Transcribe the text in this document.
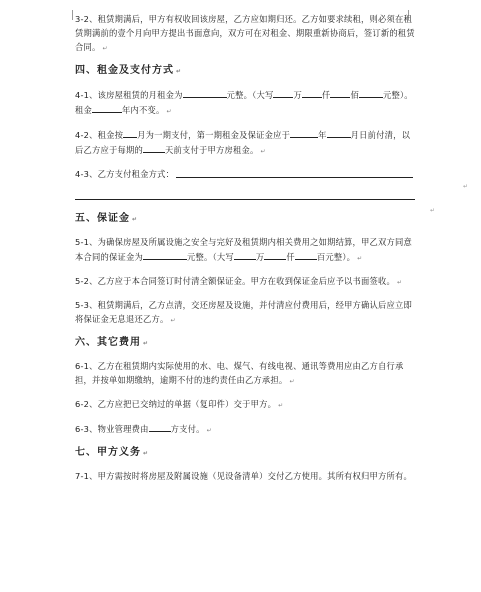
3-2、租赁期满后，甲方有权收回该房屋，乙方应如期归还。乙方如要求续租，则必须在租赁期满前的壹个月向甲方提出书面意向，双方可在对租金、期限重新协商后，签订新的租赁合同。 ↵

四、租金及支付方式 ↵

4-1、该房屋租赁的月租金为	元整。（大写 万 仟 佰	元整）。租金	年内不变。 ↵

4-2、租金按 月为一期支付，第一期租金及保证金应于	年	月日前付清，以后乙方应于每期的	天前支付于甲方房租金。 ↵

4-3、乙方支付租金方式：

五、保证金 ↵

5-1、为确保房屋及所属设施之安全与完好及租赁期内相关费用之如期结算，甲乙双方同意本合同的保证金为	元整。（大写	万	仟	百元整）。 ↵

5-2、乙方应于本合同签订时付清全额保证金。甲方在收到保证金后应予以书面签收。 ↵

5-3、租赁期满后，乙方点清，交还房屋及设施，并付清应付费用后，经甲方确认后应立即将保证金无息退还乙方。 ↵

六、其它费用 ↵

6-1、乙方在租赁期内实际使用的水、电、煤气、有线电视、通讯等费用应由乙方自行承担，并按单如期缴纳，逾期不付的违约责任由乙方承担。 ↵

6-2、乙方应把已交纳过的单据（复印件）交于甲方。 ↵

6-3、物业管理费由	方支付。 ↵

七、甲方义务 ↵

7-1、甲方需按时将房屋及附属设施（见设备清单）交付乙方使用。其所有权归甲方所有。

↵
↵
